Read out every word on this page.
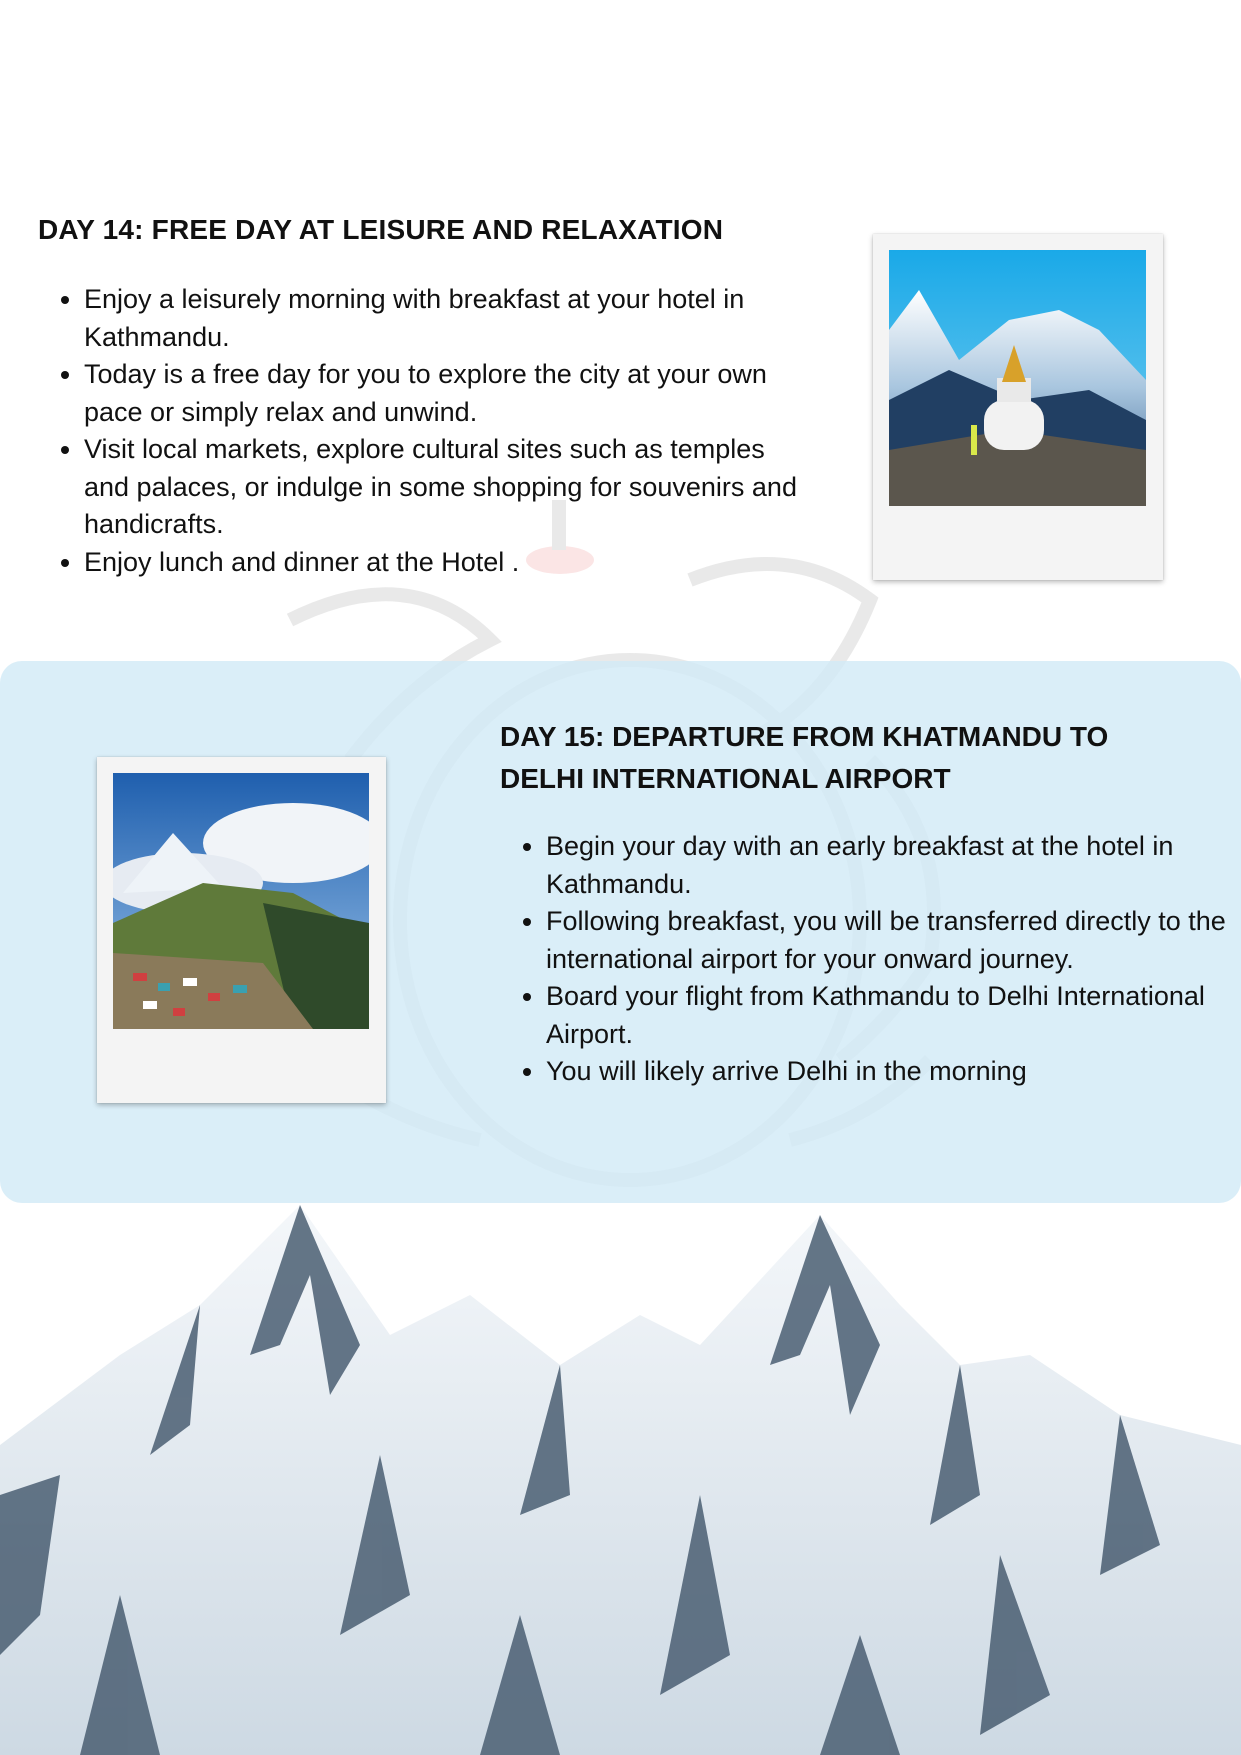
DAY 14: FREE DAY AT LEISURE AND RELAXATION
• Enjoy a leisurely morning with breakfast at your hotel in Kathmandu.
• Today is a free day for you to explore the city at your own pace or simply relax and unwind.
• Visit local markets, explore cultural sites such as temples and palaces, or indulge in some shopping for souvenirs and handicrafts.
• Enjoy lunch and dinner at the Hotel .
DAY 15: DEPARTURE FROM KHATMANDU TO DELHI INTERNATIONAL AIRPORT
• Begin your day with an early breakfast at the hotel in Kathmandu.
• Following breakfast, you will be transferred directly to the international airport for your onward journey.
• Board your flight from Kathmandu to Delhi International Airport.
• You will likely arrive Delhi in the morning
